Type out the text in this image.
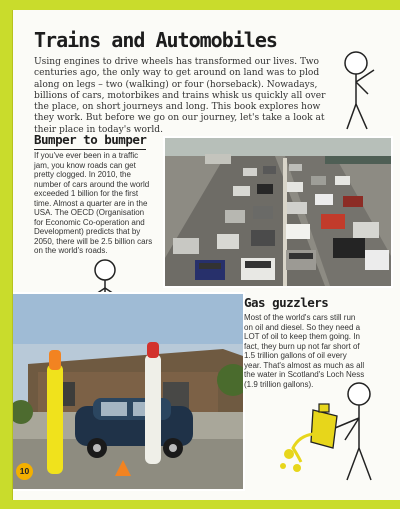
Trains and Automobiles
Using engines to drive wheels has transformed our lives. Two centuries ago, the only way to get around on land was to plod along on legs – two (walking) or four (horseback). Nowadays, billions of cars, motorbikes and trains whisk us quickly all over the place, on short journeys and long. This book explores how they work. But before we go on our journey, let's take a look at their place in today's world.
Bumper to bumper
If you've ever been in a traffic jam, you know roads can get pretty clogged. In 2010, the number of cars around the world exceeded 1 billion for the first time. Almost a quarter are in the USA. The OECD (Organisation for Economic Co-operation and Development) predicts that by 2050, there will be 2.5 billion cars on the world's roads.
10
Gas guzzlers
Most of the world's cars still run on oil and diesel. So they need a LOT of oil to keep them going. In fact, they burn up not far short of 1.5 trillion gallons of oil every year. That's almost as much as all the water in Scotland's Loch Ness (1.9 trillion gallons).
